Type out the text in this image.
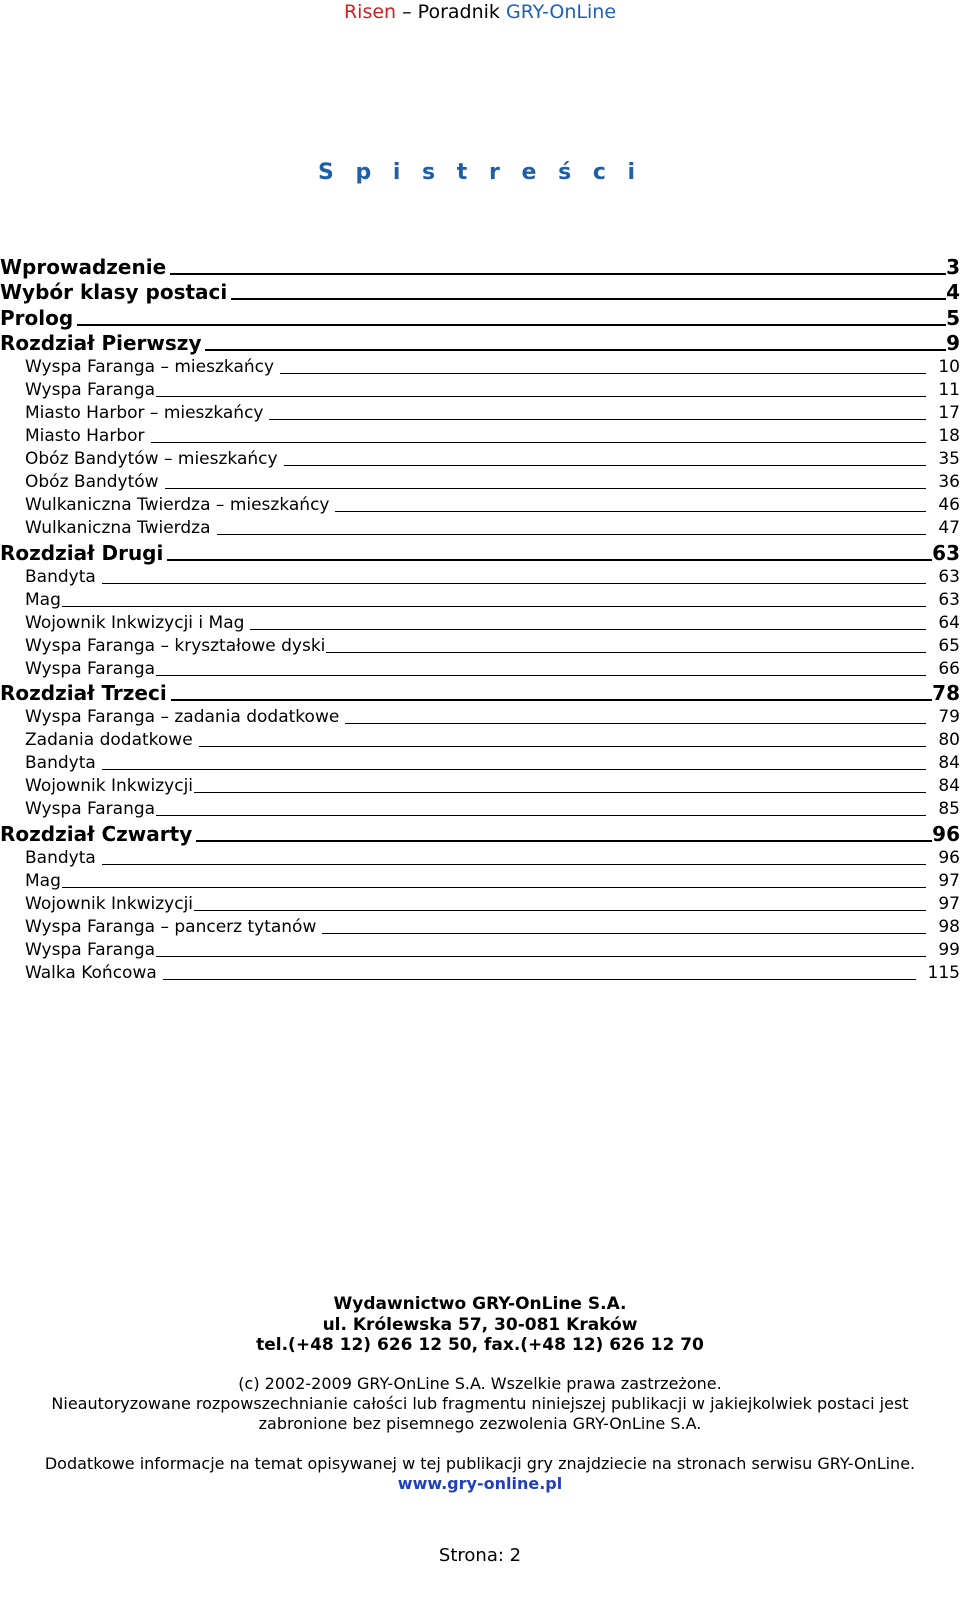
Risen – Poradnik GRY-OnLine
S p i s t r e ś c i
Wprowadzenie	3
Wybór klasy postaci	4
Prolog	5
Rozdział Pierwszy	9
Wyspa Faranga – mieszkańcy	10
Wyspa Faranga	11
Miasto Harbor – mieszkańcy	17
Miasto Harbor	18
Obóz Bandytów – mieszkańcy	35
Obóz Bandytów	36
Wulkaniczna Twierdza – mieszkańcy	46
Wulkaniczna Twierdza	47
Rozdział Drugi	63
Bandyta	63
Mag	63
Wojownik Inkwizycji i Mag	64
Wyspa Faranga – kryształowe dyski	65
Wyspa Faranga	66
Rozdział Trzeci	78
Wyspa Faranga – zadania dodatkowe	79
Zadania dodatkowe	80
Bandyta	84
Wojownik Inkwizycji	84
Wyspa Faranga	85
Rozdział Czwarty	96
Bandyta	96
Mag	97
Wojownik Inkwizycji	97
Wyspa Faranga – pancerz tytanów	98
Wyspa Faranga	99
Walka Końcowa	115
Wydawnictwo GRY-OnLine S.A.
ul. Królewska 57, 30-081 Kraków
tel.(+48 12) 626 12 50, fax.(+48 12) 626 12 70
(c) 2002-2009 GRY-OnLine S.A. Wszelkie prawa zastrzeżone.
Nieautoryzowane rozpowszechnianie całości lub fragmentu niniejszej publikacji w jakiejkolwiek postaci jest
zabronione bez pisemnego zezwolenia GRY-OnLine S.A.
Dodatkowe informacje na temat opisywanej w tej publikacji gry znajdziecie na stronach serwisu GRY-OnLine.
www.gry-online.pl
Strona: 2
